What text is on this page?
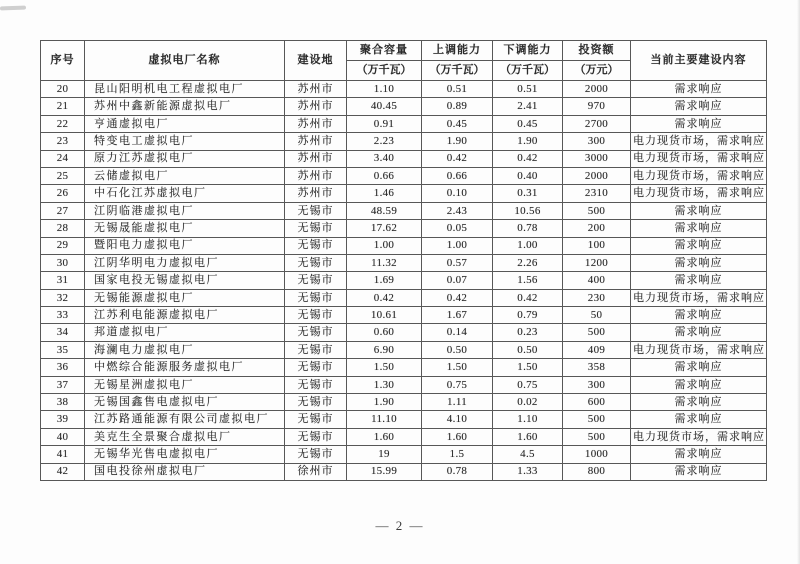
序号	虚拟电厂名称	建设地	聚合容量	上调能力	下调能力	投资额	当前主要建设内容
			（万千瓦）	（万千瓦）	（万千瓦）	（万元）	
20	昆山阳明机电工程虚拟电厂	苏州市	1.10	0.51	0.51	2000	需求响应
21	苏州中鑫新能源虚拟电厂	苏州市	40.45	0.89	2.41	970	需求响应
22	亨通虚拟电厂	苏州市	0.91	0.45	0.45	2700	需求响应
23	特变电工虚拟电厂	苏州市	2.23	1.90	1.90	300	电力现货市场，需求响应
24	原力江苏虚拟电厂	苏州市	3.40	0.42	0.42	3000	电力现货市场，需求响应
25	云储虚拟电厂	苏州市	0.66	0.66	0.40	2000	电力现货市场，需求响应
26	中石化江苏虚拟电厂	苏州市	1.46	0.10	0.31	2310	电力现货市场，需求响应
27	江阴临港虚拟电厂	无锡市	48.59	2.43	10.56	500	需求响应
28	无锡晟能虚拟电厂	无锡市	17.62	0.05	0.78	200	需求响应
29	暨阳电力虚拟电厂	无锡市	1.00	1.00	1.00	100	需求响应
30	江阴华明电力虚拟电厂	无锡市	11.32	0.57	2.26	1200	需求响应
31	国家电投无锡虚拟电厂	无锡市	1.69	0.07	1.56	400	需求响应
32	无锡能源虚拟电厂	无锡市	0.42	0.42	0.42	230	电力现货市场，需求响应
33	江苏利电能源虚拟电厂	无锡市	10.61	1.67	0.79	50	需求响应
34	邦道虚拟电厂	无锡市	0.60	0.14	0.23	500	需求响应
35	海澜电力虚拟电厂	无锡市	6.90	0.50	0.50	409	电力现货市场，需求响应
36	中燃综合能源服务虚拟电厂	无锡市	1.50	1.50	1.50	358	需求响应
37	无锡星洲虚拟电厂	无锡市	1.30	0.75	0.75	300	需求响应
38	无锡国鑫售电虚拟电厂	无锡市	1.90	1.11	0.02	600	需求响应
39	江苏路通能源有限公司虚拟电厂	无锡市	11.10	4.10	1.10	500	需求响应
40	美克生全景聚合虚拟电厂	无锡市	1.60	1.60	1.60	500	电力现货市场，需求响应
41	无锡华光售电虚拟电厂	无锡市	19	1.5	4.5	1000	需求响应
42	国电投徐州虚拟电厂	徐州市	15.99	0.78	1.33	800	需求响应
— 2 —
